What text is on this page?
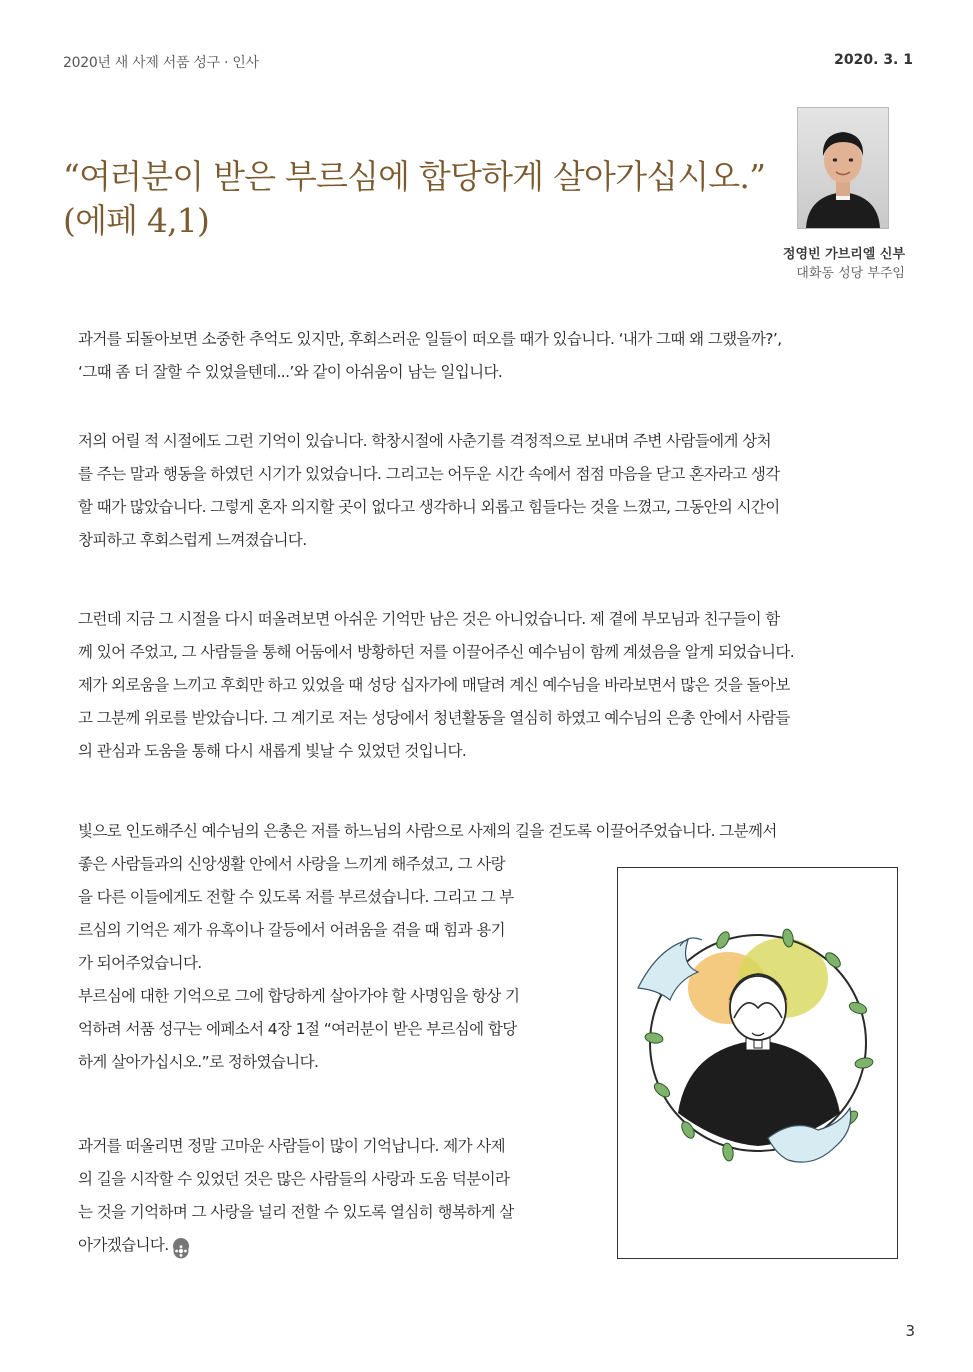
2020년 새 사제 서품 성구 · 인사	2020. 3. 1
“여러분이 받은 부르심에 합당하게 살아가십시오.”
(에페 4,1)
정영빈 가브리엘 신부
대화동 성당 부주임

과거를 되돌아보면 소중한 추억도 있지만, 후회스러운 일들이 떠오를 때가 있습니다. ‘내가 그때 왜 그랬을까?’,
‘그때 좀 더 잘할 수 있었을텐데...’와 같이 아쉬움이 남는 일입니다.

저의 어릴 적 시절에도 그런 기억이 있습니다. 학창시절에 사춘기를 격정적으로 보내며 주변 사람들에게 상처
를 주는 말과 행동을 하였던 시기가 있었습니다. 그리고는 어두운 시간 속에서 점점 마음을 닫고 혼자라고 생각
할 때가 많았습니다. 그렇게 혼자 의지할 곳이 없다고 생각하니 외롭고 힘들다는 것을 느꼈고, 그동안의 시간이
창피하고 후회스럽게 느껴졌습니다.

그런데 지금 그 시절을 다시 떠올려보면 아쉬운 기억만 남은 것은 아니었습니다. 제 곁에 부모님과 친구들이 함
께 있어 주었고, 그 사람들을 통해 어둠에서 방황하던 저를 이끌어주신 예수님이 함께 계셨음을 알게 되었습니다.
제가 외로움을 느끼고 후회만 하고 있었을 때 성당 십자가에 매달려 계신 예수님을 바라보면서 많은 것을 돌아보
고 그분께 위로를 받았습니다. 그 계기로 저는 성당에서 청년활동을 열심히 하였고 예수님의 은총 안에서 사람들
의 관심과 도움을 통해 다시 새롭게 빛날 수 있었던 것입니다.

빛으로 인도해주신 예수님의 은총은 저를 하느님의 사람으로 사제의 길을 걷도록 이끌어주었습니다. 그분께서

좋은 사람들과의 신앙생활 안에서 사랑을 느끼게 해주셨고, 그 사랑
을 다른 이들에게도 전할 수 있도록 저를 부르셨습니다. 그리고 그 부
르심의 기억은 제가 유혹이나 갈등에서 어려움을 겪을 때 힘과 용기
가 되어주었습니다.
부르심에 대한 기억으로 그에 합당하게 살아가야 할 사명임을 항상 기
억하려 서품 성구는 에페소서 4장 1절 “여러분이 받은 부르심에 합당
하게 살아가십시오.”로 정하였습니다.

과거를 떠올리면 정말 고마운 사람들이 많이 기억납니다. 제가 사제
의 길을 시작할 수 있었던 것은 많은 사람들의 사랑과 도움 덕분이라
는 것을 기억하며 그 사랑을 널리 전할 수 있도록 열심히 행복하게 살
아가겠습니다.

3
